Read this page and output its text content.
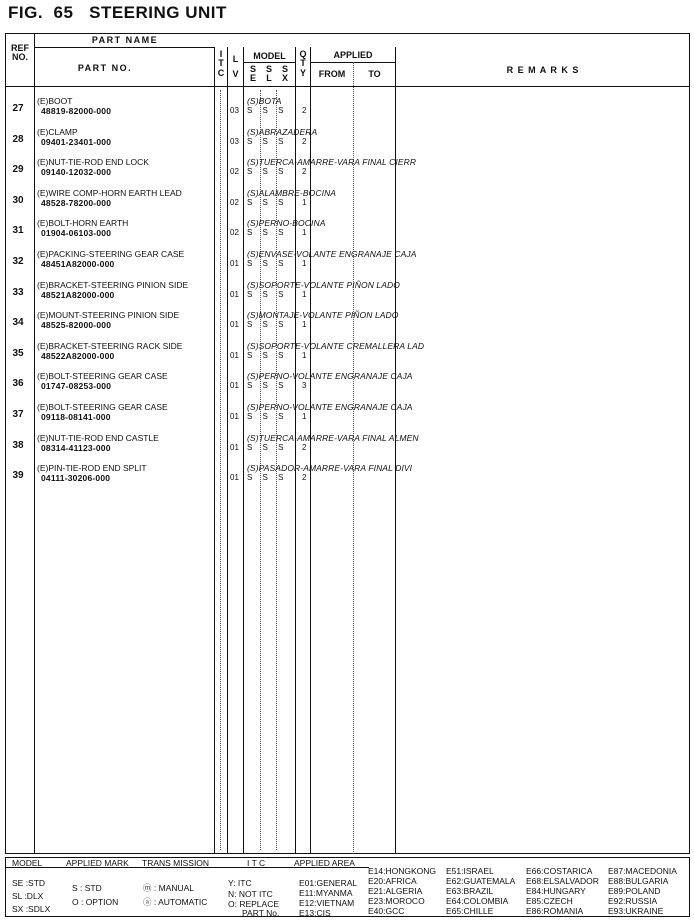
FIG. 65 STEERING UNIT
REF
NO.
PART NAME
PART NO.
I
T
C
L
V
MODEL
S
E
S
L
S
X
Q
T
Y
APPLIED
FROM	TO	R E M A R K S
27
(E)BOOT
48819-82000-000	03 S S S 2
(S)BOTA
28
(E)CLAMP
09401-23401-000	03 S S S 2
(S)ABRAZADERA
29
(E)NUT-TIE-ROD END LOCK
09140-12032-000	02 S S S 2
(S)TUERCA-AMARRE-VARA FINAL CIERR
30
(E)WIRE COMP-HORN EARTH LEAD
48528-78200-000	02 S S S 1
(S)ALAMBRE-BOCINA
31
(E)BOLT-HORN EARTH
01904-06103-000	02 S S S 1
(S)PERNO-BOCINA
32
(E)PACKING-STEERING GEAR CASE
48451A82000-000	01 S S S 1
(S)ENVASE-VOLANTE ENGRANAJE CAJA
33
(E)BRACKET-STEERING PINION SIDE
48521A82000-000	01 S S S 1
(S)SOPORTE-VOLANTE PIÑON LADO
34
(E)MOUNT-STEERING PINION SIDE
48525-82000-000	01 S S S 1
(S)MONTAJE-VOLANTE PIÑON LADO
35
(E)BRACKET-STEERING RACK SIDE
48522A82000-000	01 S S S 1
(S)SOPORTE-VOLANTE CREMALLERA LAD
36
(E)BOLT-STEERING GEAR CASE
01747-08253-000	01 S S S 3
(S)PERNO-VOLANTE ENGRANAJE CAJA
37
(E)BOLT-STEERING GEAR CASE
09118-08141-000	01 S S S 1
(S)PERNO-VOLANTE ENGRANAJE CAJA
38
(E)NUT-TIE-ROD END CASTLE
08314-41123-000	01 S S S 2
(S)TUERCA-AMARRE-VARA FINAL ALMEN
39
(E)PIN-TIE-ROD END SPLIT
04111-30206-000	01 S S S 2
(S)PASADOR-AMARRE-VARA FINAL DIVI
MODEL
SE :STD
SL :DLX
SX :SDLX
APPLIED MARK
S : STD
O : OPTION
TRANS MISSION
ⓜ : MANUAL
ⓐ : AUTOMATIC
I T C
Y: ITC
N: NOT ITC
O: REPLACE
PART No.
APPLIED AREA
E01:GENERAL
E11:MYANMA
E12:VIETNAM
E13:CIS
E14:HONGKONG
E20:AFRICA
E21:ALGERIA
E23:MOROCO
E40:GCC
E51:ISRAEL
E62:GUATEMALA
E63:BRAZIL
E64:COLOMBIA
E65:CHILLE
E66:COSTARICA
E68:ELSALVADOR
E84:HUNGARY
E85:CZECH
E86:ROMANIA
E87:MACEDONIA
E88:BULGARIA
E89:POLAND
E92:RUSSIA
E93:UKRAINE
